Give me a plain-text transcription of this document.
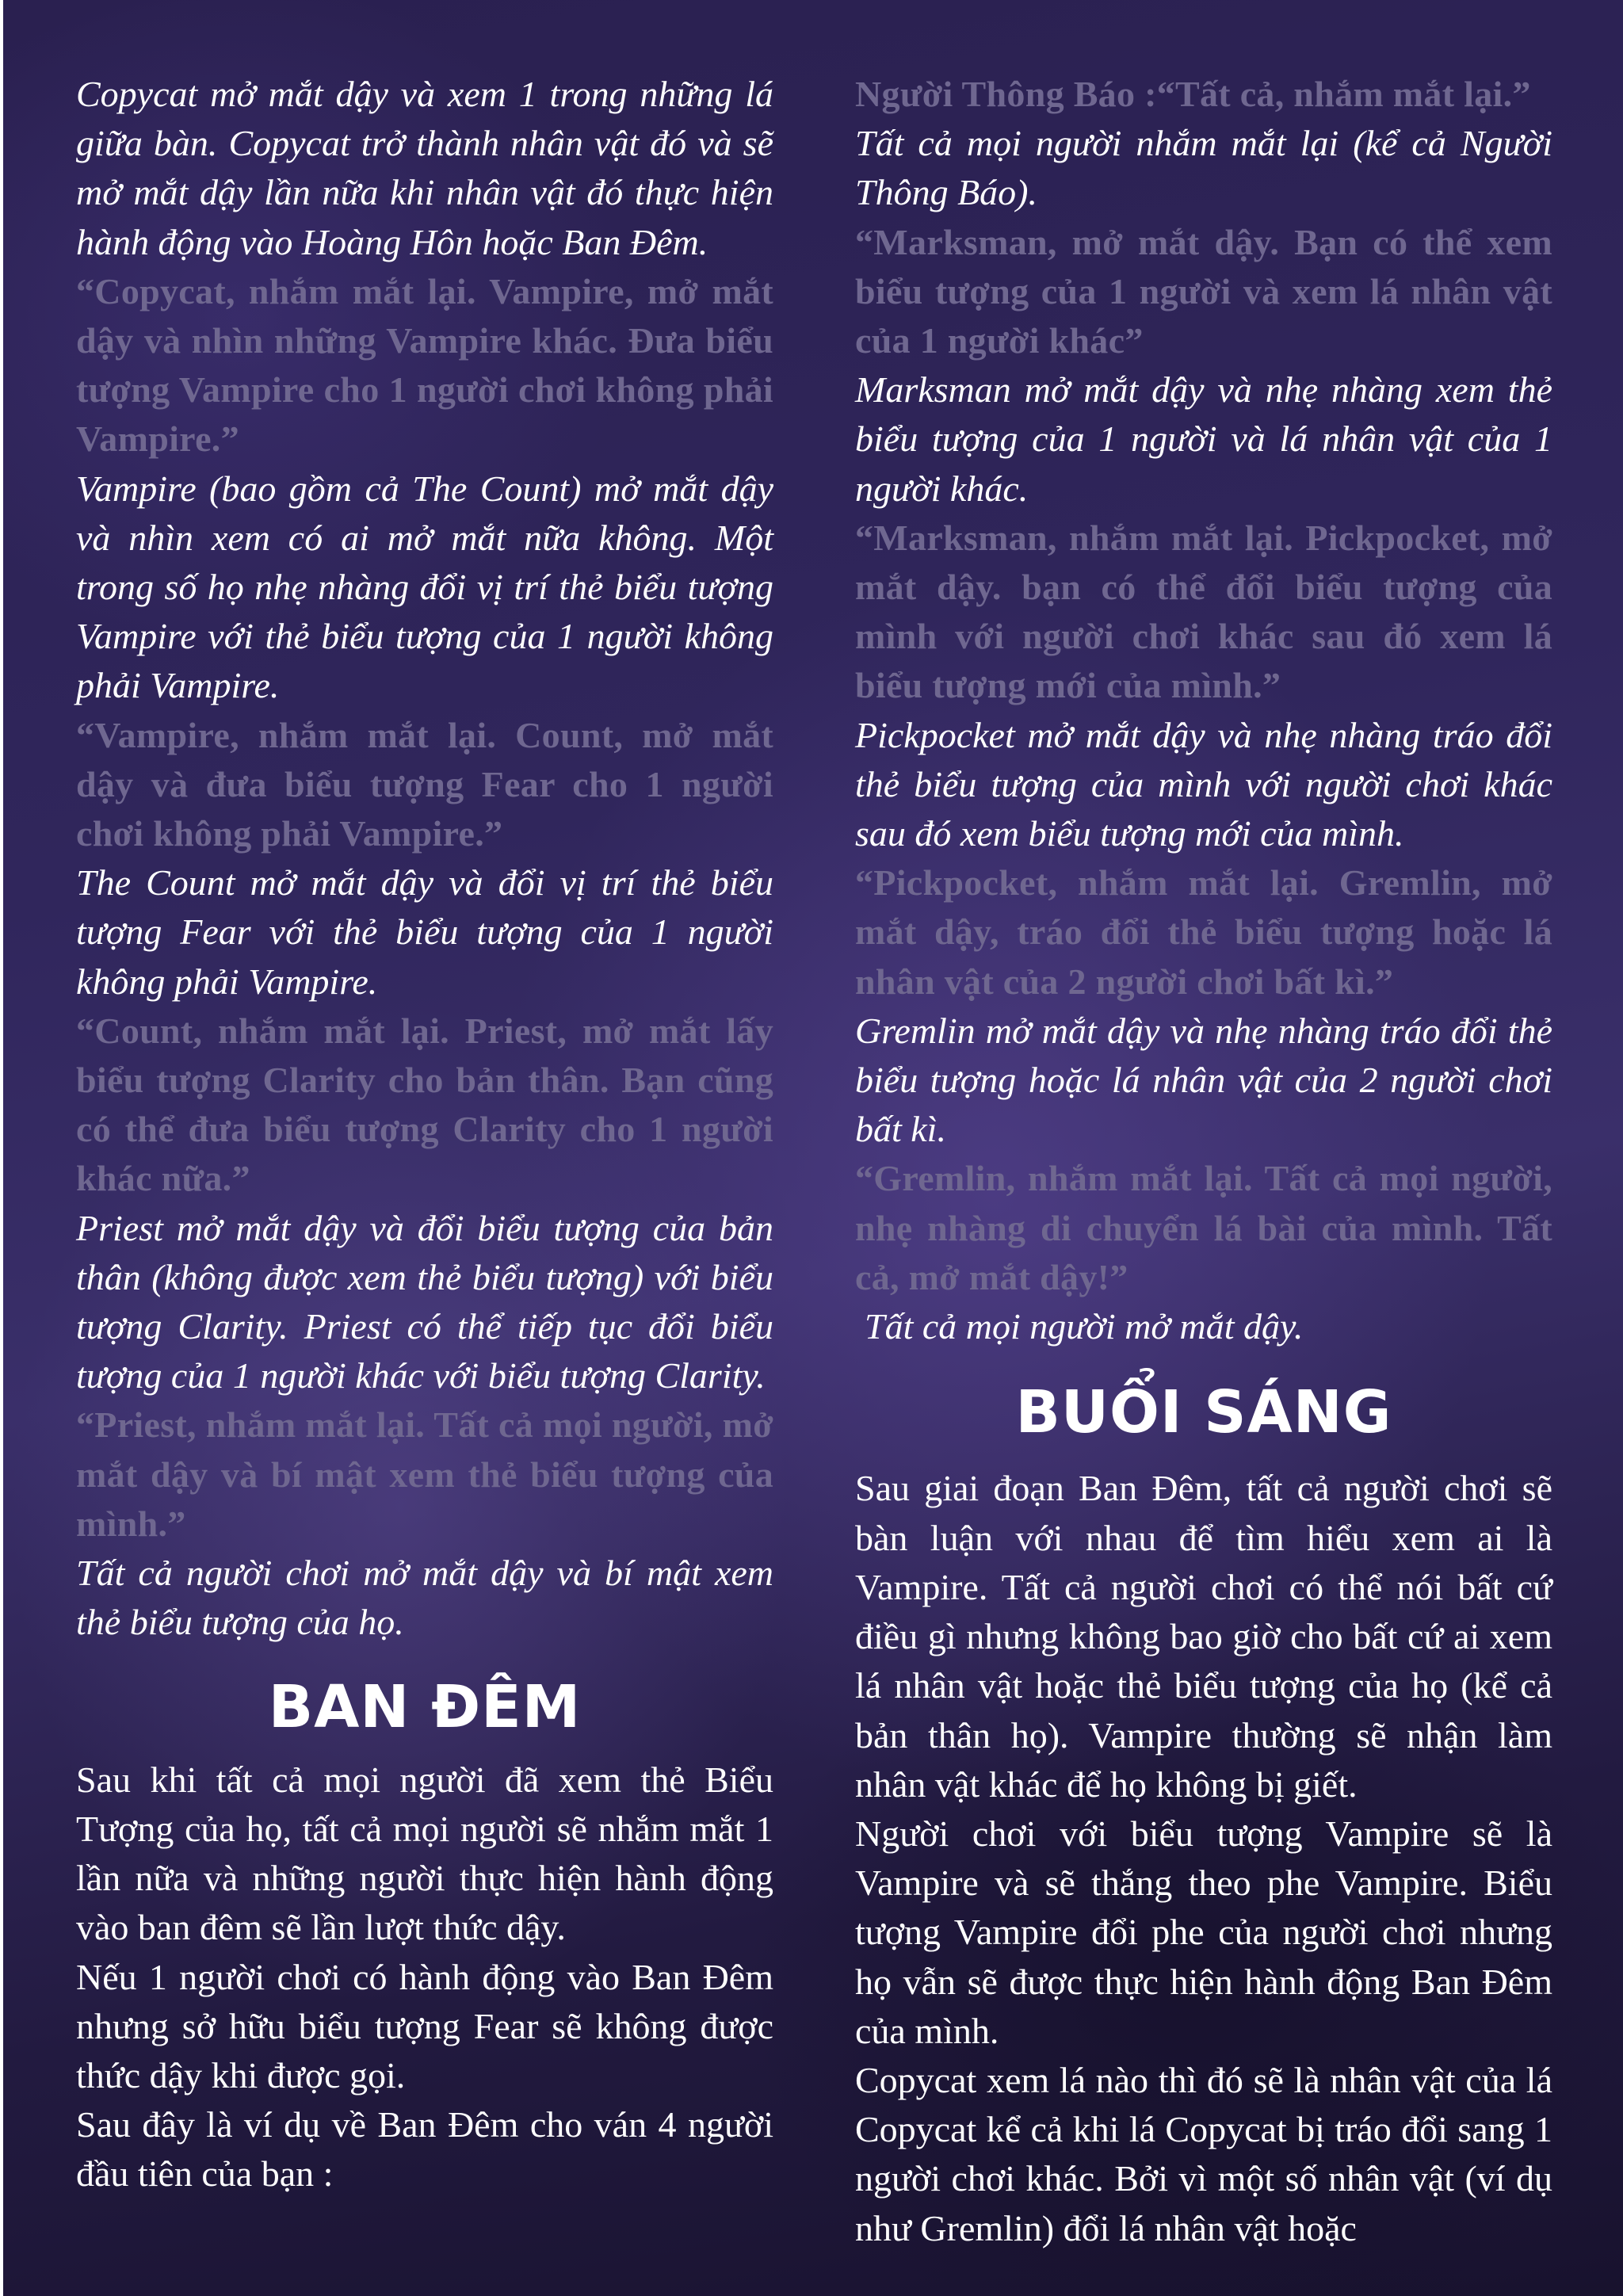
Copycat mở mắt dậy và xem 1 trong những lá giữa bàn. Copycat trở thành nhân vật đó và sẽ mở mắt dậy lần nữa khi nhân vật đó thực hiện hành động vào Hoàng Hôn hoặc Ban Đêm.

“Copycat, nhắm mắt lại. Vampire, mở mắt dậy và nhìn những Vampire khác. Đưa biểu tượng Vampire cho 1 người chơi không phải Vampire.”

Vampire (bao gồm cả The Count) mở mắt dậy và nhìn xem có ai mở mắt nữa không. Một trong số họ nhẹ nhàng đổi vị trí thẻ biểu tượng Vampire với thẻ biểu tượng của 1 người không phải Vampire.

“Vampire, nhắm mắt lại. Count, mở mắt dậy và đưa biểu tượng Fear cho 1 người chơi không phải Vampire.”

The Count mở mắt dậy và đổi vị trí thẻ biểu tượng Fear với thẻ biểu tượng của 1 người không phải Vampire.

“Count, nhắm mắt lại. Priest, mở mắt lấy biểu tượng Clarity cho bản thân. Bạn cũng có thể đưa biểu tượng Clarity cho 1 người khác nữa.”

Priest mở mắt dậy và đổi biểu tượng của bản thân (không được xem thẻ biểu tượng) với biểu tượng Clarity. Priest có thể tiếp tục đổi biểu tượng của 1 người khác với biểu tượng Clarity.

“Priest, nhắm mắt lại. Tất cả mọi người, mở mắt dậy và bí mật xem thẻ biểu tượng của mình.”

Tất cả người chơi mở mắt dậy và bí mật xem thẻ biểu tượng của họ.

BAN ĐÊM

Sau khi tất cả mọi người đã xem thẻ Biểu Tượng của họ, tất cả mọi người sẽ nhắm mắt 1 lần nữa và những người thực hiện hành động vào ban đêm sẽ lần lượt thức dậy.

Nếu 1 người chơi có hành động vào Ban Đêm nhưng sở hữu biểu tượng Fear sẽ không được thức dậy khi được gọi.

Sau đây là ví dụ về Ban Đêm cho ván 4 người đầu tiên của bạn :

Người Thông Báo :“Tất cả, nhắm mắt lại.”

Tất cả mọi người nhắm mắt lại (kể cả Người Thông Báo).

“Marksman, mở mắt dậy. Bạn có thể xem biểu tượng của 1 người và xem lá nhân vật của 1 người khác”

Marksman mở mắt dậy và nhẹ nhàng xem thẻ biểu tượng của 1 người và lá nhân vật của 1 người khác.

“Marksman, nhắm mắt lại. Pickpocket, mở mắt dậy. bạn có thể đổi biểu tượng của mình với người chơi khác sau đó xem lá biểu tượng mới của mình.”

Pickpocket mở mắt dậy và nhẹ nhàng tráo đổi thẻ biểu tượng của mình với người chơi khác sau đó xem biểu tượng mới của mình.

“Pickpocket, nhắm mắt lại. Gremlin, mở mắt dậy, tráo đổi thẻ biểu tượng hoặc lá nhân vật của 2 người chơi bất kì.”

Gremlin mở mắt dậy và nhẹ nhàng tráo đổi thẻ biểu tượng hoặc lá nhân vật của 2 người chơi bất kì.

“Gremlin, nhắm mắt lại. Tất cả mọi người, nhẹ nhàng di chuyển lá bài của mình. Tất cả, mở mắt dậy!”

Tất cả mọi người mở mắt dậy.

BUỔI SÁNG

Sau giai đoạn Ban Đêm, tất cả người chơi sẽ bàn luận với nhau để tìm hiểu xem ai là Vampire. Tất cả người chơi có thể nói bất cứ điều gì nhưng không bao giờ cho bất cứ ai xem lá nhân vật hoặc thẻ biểu tượng của họ (kể cả bản thân họ). Vampire thường sẽ nhận làm nhân vật khác để họ không bị giết.

Người chơi với biểu tượng Vampire sẽ là Vampire và sẽ thắng theo phe Vampire. Biểu tượng Vampire đổi phe của người chơi nhưng họ vẫn sẽ được thực hiện hành động Ban Đêm của mình.

Copycat xem lá nào thì đó sẽ là nhân vật của lá Copycat kể cả khi lá Copycat bị tráo đổi sang 1 người chơi khác. Bởi vì một số nhân vật (ví dụ như Gremlin) đổi lá nhân vật hoặc
